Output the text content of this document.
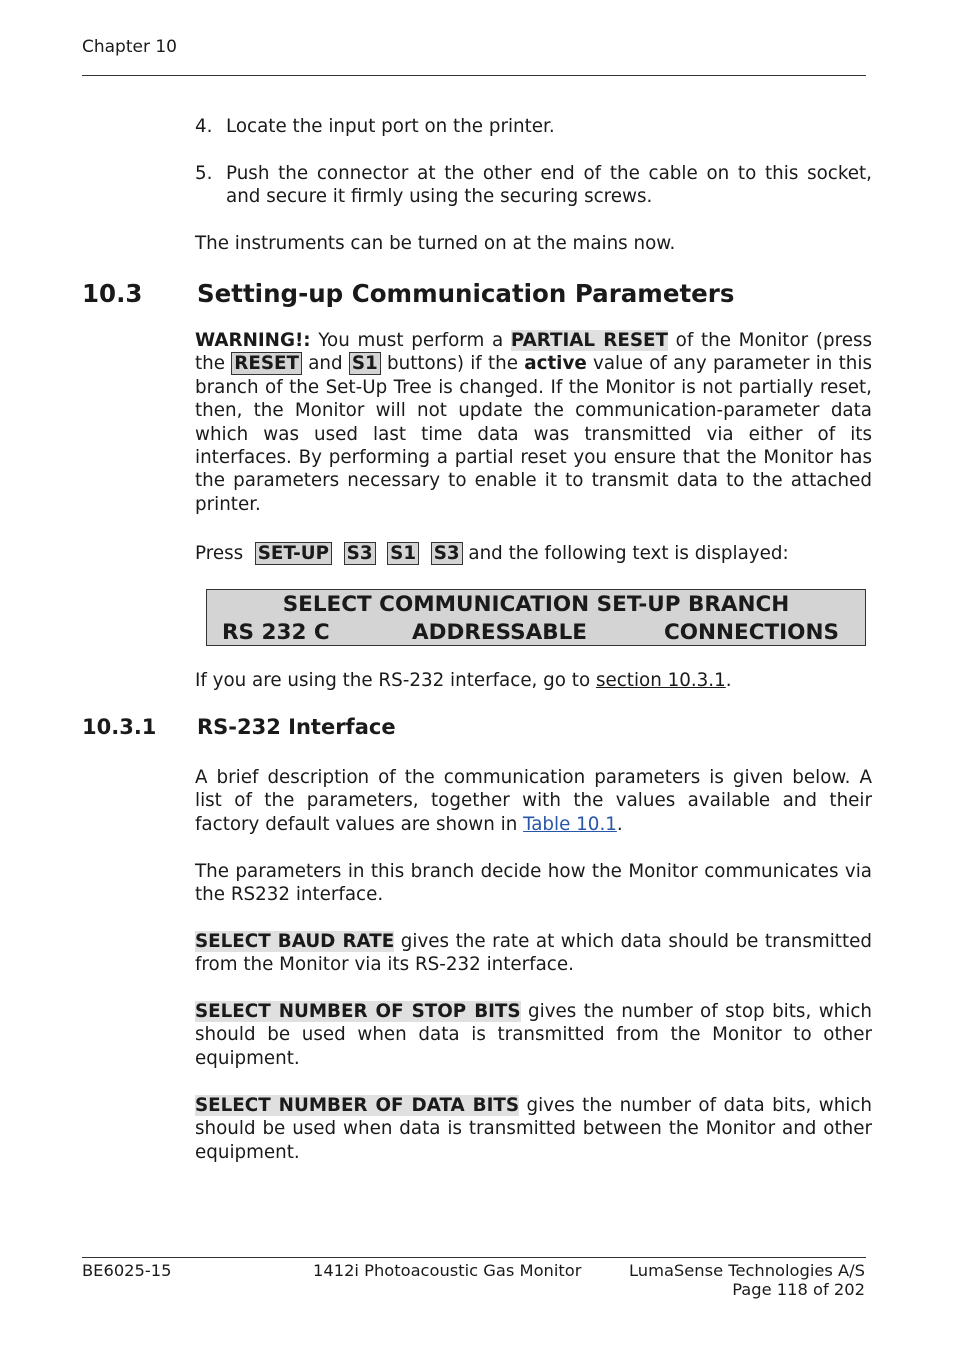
Chapter 10
4. Locate the input port on the printer.
5. Push the connector at the other end of the cable on to this socket, and secure it firmly using the securing screws.
The instruments can be turned on at the mains now.
10.3 Setting-up Communication Parameters
WARNING!: You must perform a PARTIAL RESET of the Monitor (press the RESET and S1 buttons) if the active value of any parameter in this branch of the Set-Up Tree is changed. If the Monitor is not partially reset, then, the Monitor will not update the communication-parameter data which was used last time data was transmitted via either of its interfaces. By performing a partial reset you ensure that the Monitor has the parameters necessary to enable it to transmit data to the attached printer.
Press SET-UP S3 S1 S3 and the following text is displayed:
SELECT COMMUNICATION SET-UP BRANCH
RS 232 C	ADDRESSABLE	CONNECTIONS
If you are using the RS-232 interface, go to section 10.3.1.
10.3.1 RS-232 Interface
A brief description of the communication parameters is given below. A list of the parameters, together with the values available and their factory default values are shown in Table 10.1.
The parameters in this branch decide how the Monitor communicates via the RS232 interface.
SELECT BAUD RATE gives the rate at which data should be transmitted from the Monitor via its RS-232 interface.
SELECT NUMBER OF STOP BITS gives the number of stop bits, which should be used when data is transmitted from the Monitor to other equipment.
SELECT NUMBER OF DATA BITS gives the number of data bits, which should be used when data is transmitted between the Monitor and other equipment.
BE6025-15	1412i Photoacoustic Gas Monitor	LumaSense Technologies A/S
Page 118 of 202
